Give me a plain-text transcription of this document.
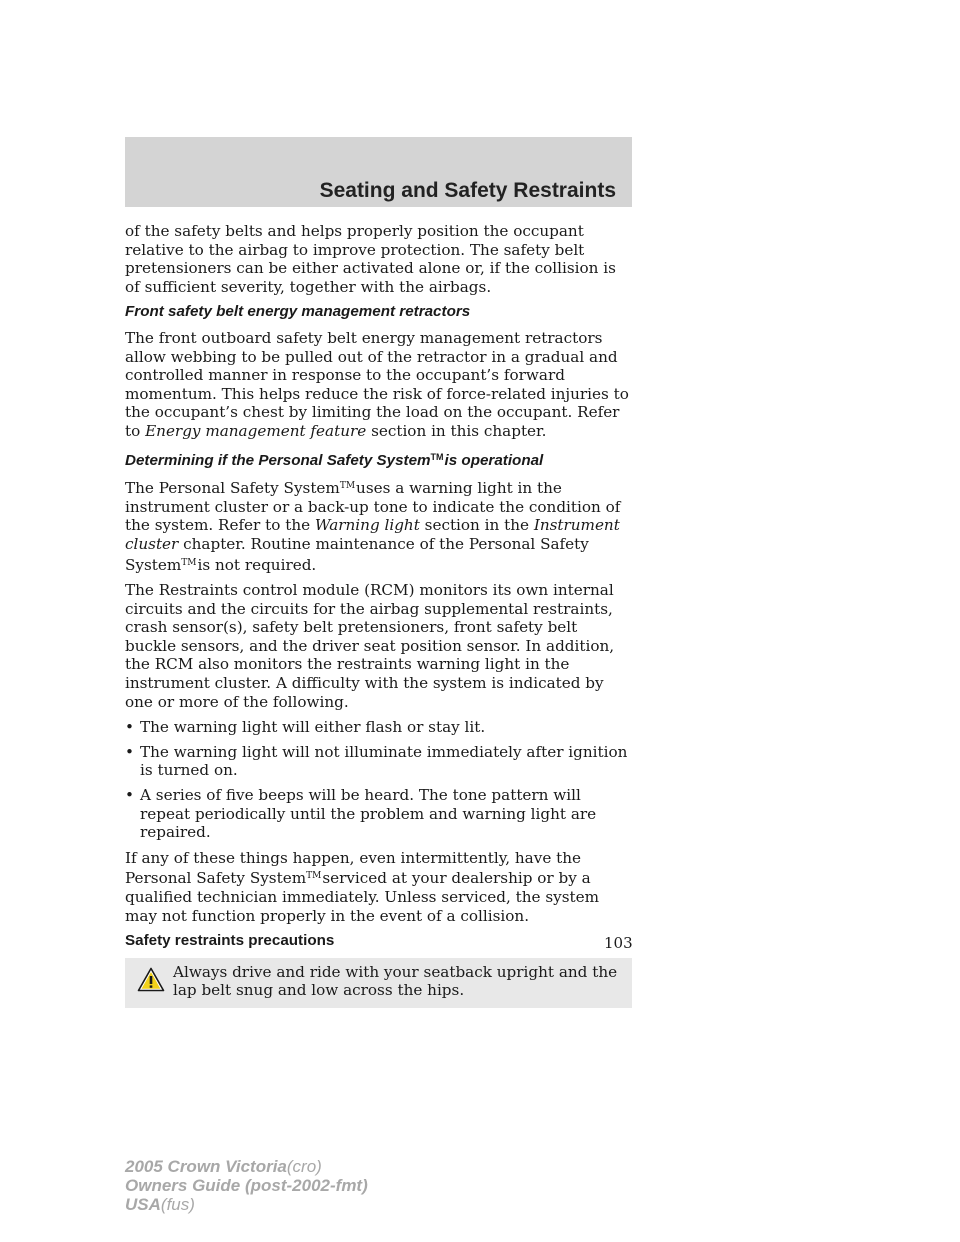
Seating and Safety Restraints

of the safety belts and helps properly position the occupant relative to the airbag to improve protection. The safety belt pretensioners can be either activated alone or, if the collision is of sufficient severity, together with the airbags.

Front safety belt energy management retractors

The front outboard safety belt energy management retractors allow webbing to be pulled out of the retractor in a gradual and controlled manner in response to the occupant’s forward momentum. This helps reduce the risk of force-related injuries to the occupant’s chest by limiting the load on the occupant. Refer to Energy management feature section in this chapter.

Determining if the Personal Safety System™is operational

The Personal Safety System™uses a warning light in the instrument cluster or a back-up tone to indicate the condition of the system. Refer to the Warning light section in the Instrument cluster chapter. Routine maintenance of the Personal Safety System™is not required.

The Restraints control module (RCM) monitors its own internal circuits and the circuits for the airbag supplemental restraints, crash sensor(s), safety belt pretensioners, front safety belt buckle sensors, and the driver seat position sensor. In addition, the RCM also monitors the restraints warning light in the instrument cluster. A difficulty with the system is indicated by one or more of the following.

• The warning light will either flash or stay lit.
• The warning light will not illuminate immediately after ignition is turned on.
• A series of five beeps will be heard. The tone pattern will repeat periodically until the problem and warning light are repaired.

If any of these things happen, even intermittently, have the Personal Safety System™serviced at your dealership or by a qualified technician immediately. Unless serviced, the system may not function properly in the event of a collision.

Safety restraints precautions
Always drive and ride with your seatback upright and the lap belt snug and low across the hips.
103
2005 Crown Victoria(cro)
Owners Guide (post-2002-fmt)
USA(fus)
